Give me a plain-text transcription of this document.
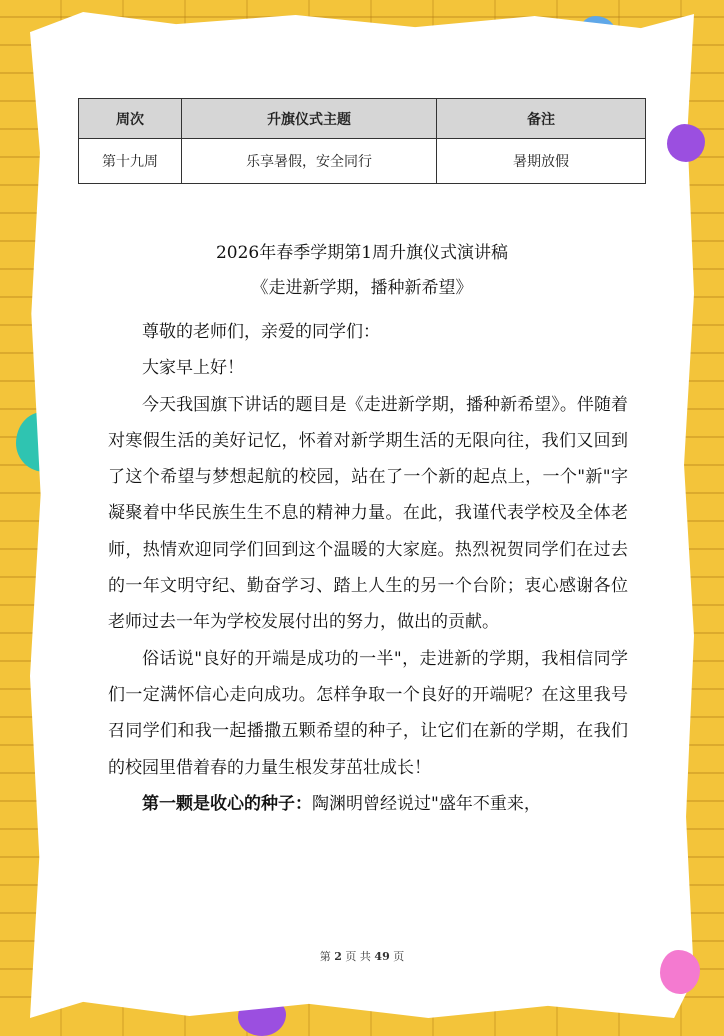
周次	升旗仪式主题	备注
第十九周	乐享暑假，安全同行	暑期放假
2026年春季学期第1周升旗仪式演讲稿
《走进新学期，播种新希望》

尊敬的老师们，亲爱的同学们：

大家早上好！

今天我国旗下讲话的题目是《走进新学期，播种新希望》。伴随着对寒假生活的美好记忆，怀着对新学期生活的无限向往，我们又回到了这个希望与梦想起航的校园，站在了一个新的起点上，一个"新"字凝聚着中华民族生生不息的精神力量。在此，我谨代表学校及全体老师，热情欢迎同学们回到这个温暖的大家庭。热烈祝贺同学们在过去的一年文明守纪、勤奋学习、踏上人生的另一个台阶；衷心感谢各位老师过去一年为学校发展付出的努力，做出的贡献。

俗话说"良好的开端是成功的一半"，走进新的学期，我相信同学们一定满怀信心走向成功。怎样争取一个良好的开端呢？在这里我号召同学们和我一起播撒五颗希望的种子，让它们在新的学期，在我们的校园里借着春的力量生根发芽茁壮成长！

第一颗是收心的种子：陶渊明曾经说过"盛年不重来，

第 2 页 共 49 页
